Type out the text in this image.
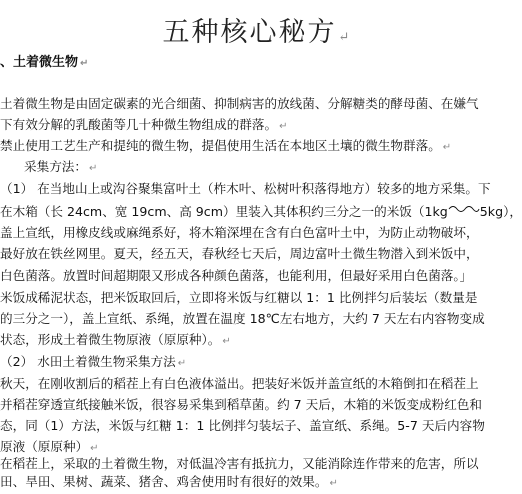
五种核心秘方 ↵
、土着微生物 ↵
土着微生物是由固定碳素的光合细菌、抑制病害的放线菌、分解糖类的酵母菌、在嫌气
下有效分解的乳酸菌等几十种微生物组成的群落。 ↵
禁止使用工艺生产和提纯的微生物，提倡使用生活在本地区土壤的微生物群落。 ↵
采集方法： ↵
（1） 在当地山上或沟谷聚集富叶土（柞木叶、松树叶积落得地方）较多的地方采集。下
在木箱（长 24cm、宽 19cm、高 9cm）里装入其体积约三分之一的米饭（1kg	5kg），
盖上宣纸，用橡皮线或麻绳系好，将木箱深埋在含有白色富叶土中，为防止动物破坏，
最好放在铁丝网里。夏天，经五天，春秋经七天后，周边富叶土微生物潜入到米饭中，
白色菌落。放置时间超期限又形成各种颜色菌落，也能利用，但最好采用白色菌落。」
米饭成稀泥状态，把米饭取回后，立即将米饭与红糖以 1：1 比例拌匀后装坛（数量是
的三分之一），盖上宣纸、系绳，放置在温度 18℃左右地方，大约 7 天左右内容物变成
状态，形成土着微生物原液（原原种）。 ↵
（2） 水田土着微生物采集方法 ↵
秋天，在刚收割后的稻茬上有白色液体溢出。把装好米饭并盖宣纸的木箱倒扣在稻茬上
并稻茬穿透宣纸接触米饭，很容易采集到稻草菌。约 7 天后，木箱的米饭变成粉红色和
态，同（1）方法，米饭与红糖 1：1 比例拌匀装坛子、盖宣纸、系绳。5-7 天后内容物
原液（原原种） ↵
在稻茬上，采取的土着微生物，对低温冷害有抵抗力，又能消除连作带来的危害，所以
田、旱田、果树、蔬菜、猪舍、鸡舍使用时有很好的效果。 ↵
